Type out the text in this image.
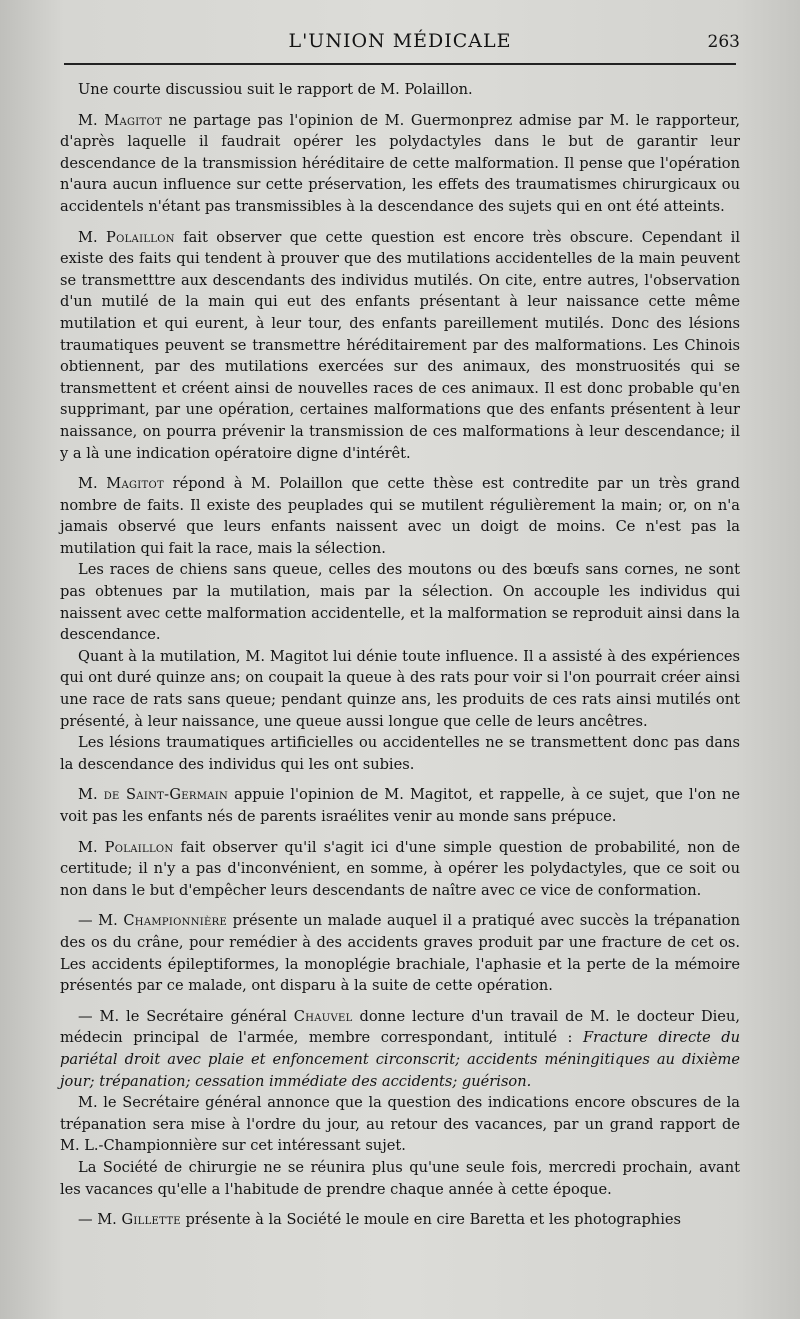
L'UNION MÉDICALE	263

Une courte discussiou suit le rapport de M. Polaillon.

M. Magitot ne partage pas l'opinion de M. Guermonprez admise par M. le rapporteur, d'après laquelle il faudrait opérer les polydactyles dans le but de garantir leur descendance de la transmission héréditaire de cette malformation. Il pense que l'opération n'aura aucun influence sur cette préservation, les effets des traumatismes chirurgicaux ou accidentels n'étant pas transmissibles à la descendance des sujets qui en ont été atteints.

M. Polaillon fait observer que cette question est encore très obscure. Cependant il existe des faits qui tendent à prouver que des mutilations accidentelles de la main peuvent se transmetttre aux descendants des individus mutilés. On cite, entre autres, l'observation d'un mutilé de la main qui eut des enfants présentant à leur naissance cette même mutilation et qui eurent, à leur tour, des enfants pareillement mutilés. Donc des lésions traumatiques peuvent se transmettre héréditairement par des malformations. Les Chinois obtiennent, par des mutilations exercées sur des animaux, des monstruosités qui se transmettent et créent ainsi de nouvelles races de ces animaux. Il est donc probable qu'en supprimant, par une opération, certaines malformations que des enfants présentent à leur naissance, on pourra prévenir la transmission de ces malformations à leur descendance; il y a là une indication opératoire digne d'intérêt.

M. Magitot répond à M. Polaillon que cette thèse est contredite par un très grand nombre de faits. Il existe des peuplades qui se mutilent régulièrement la main; or, on n'a jamais observé que leurs enfants naissent avec un doigt de moins. Ce n'est pas la mutilation qui fait la race, mais la sélection.

Les races de chiens sans queue, celles des moutons ou des bœufs sans cornes, ne sont pas obtenues par la mutilation, mais par la sélection. On accouple les individus qui naissent avec cette malformation accidentelle, et la malformation se reproduit ainsi dans la descendance.

Quant à la mutilation, M. Magitot lui dénie toute influence. Il a assisté à des expériences qui ont duré quinze ans; on coupait la queue à des rats pour voir si l'on pourrait créer ainsi une race de rats sans queue; pendant quinze ans, les produits de ces rats ainsi mutilés ont présenté, à leur naissance, une queue aussi longue que celle de leurs ancêtres.

Les lésions traumatiques artificielles ou accidentelles ne se transmettent donc pas dans la descendance des individus qui les ont subies.

M. de Saint-Germain appuie l'opinion de M. Magitot, et rappelle, à ce sujet, que l'on ne voit pas les enfants nés de parents israélites venir au monde sans prépuce.

M. Polaillon fait observer qu'il s'agit ici d'une simple question de probabilité, non de certitude; il n'y a pas d'inconvénient, en somme, à opérer les polydactyles, que ce soit ou non dans le but d'empêcher leurs descendants de naître avec ce vice de conformation.

— M. Championnière présente un malade auquel il a pratiqué avec succès la trépanation des os du crâne, pour remédier à des accidents graves produit par une fracture de cet os. Les accidents épileptiformes, la monoplégie brachiale, l'aphasie et la perte de la mémoire présentés par ce malade, ont disparu à la suite de cette opération.

— M. le Secrétaire général Chauvel donne lecture d'un travail de M. le docteur Dieu, médecin principal de l'armée, membre correspondant, intitulé : Fracture directe du pariétal droit avec plaie et enfoncement circonscrit; accidents méningitiques au dixième jour; trépanation; cessation immédiate des accidents; guérison.

M. le Secrétaire général annonce que la question des indications encore obscures de la trépanation sera mise à l'ordre du jour, au retour des vacances, par un grand rapport de M. L.-Championnière sur cet intéressant sujet.

La Société de chirurgie ne se réunira plus qu'une seule fois, mercredi prochain, avant les vacances qu'elle a l'habitude de prendre chaque année à cette époque.

— M. Gillette présente à la Société le moule en cire Baretta et les photographies
